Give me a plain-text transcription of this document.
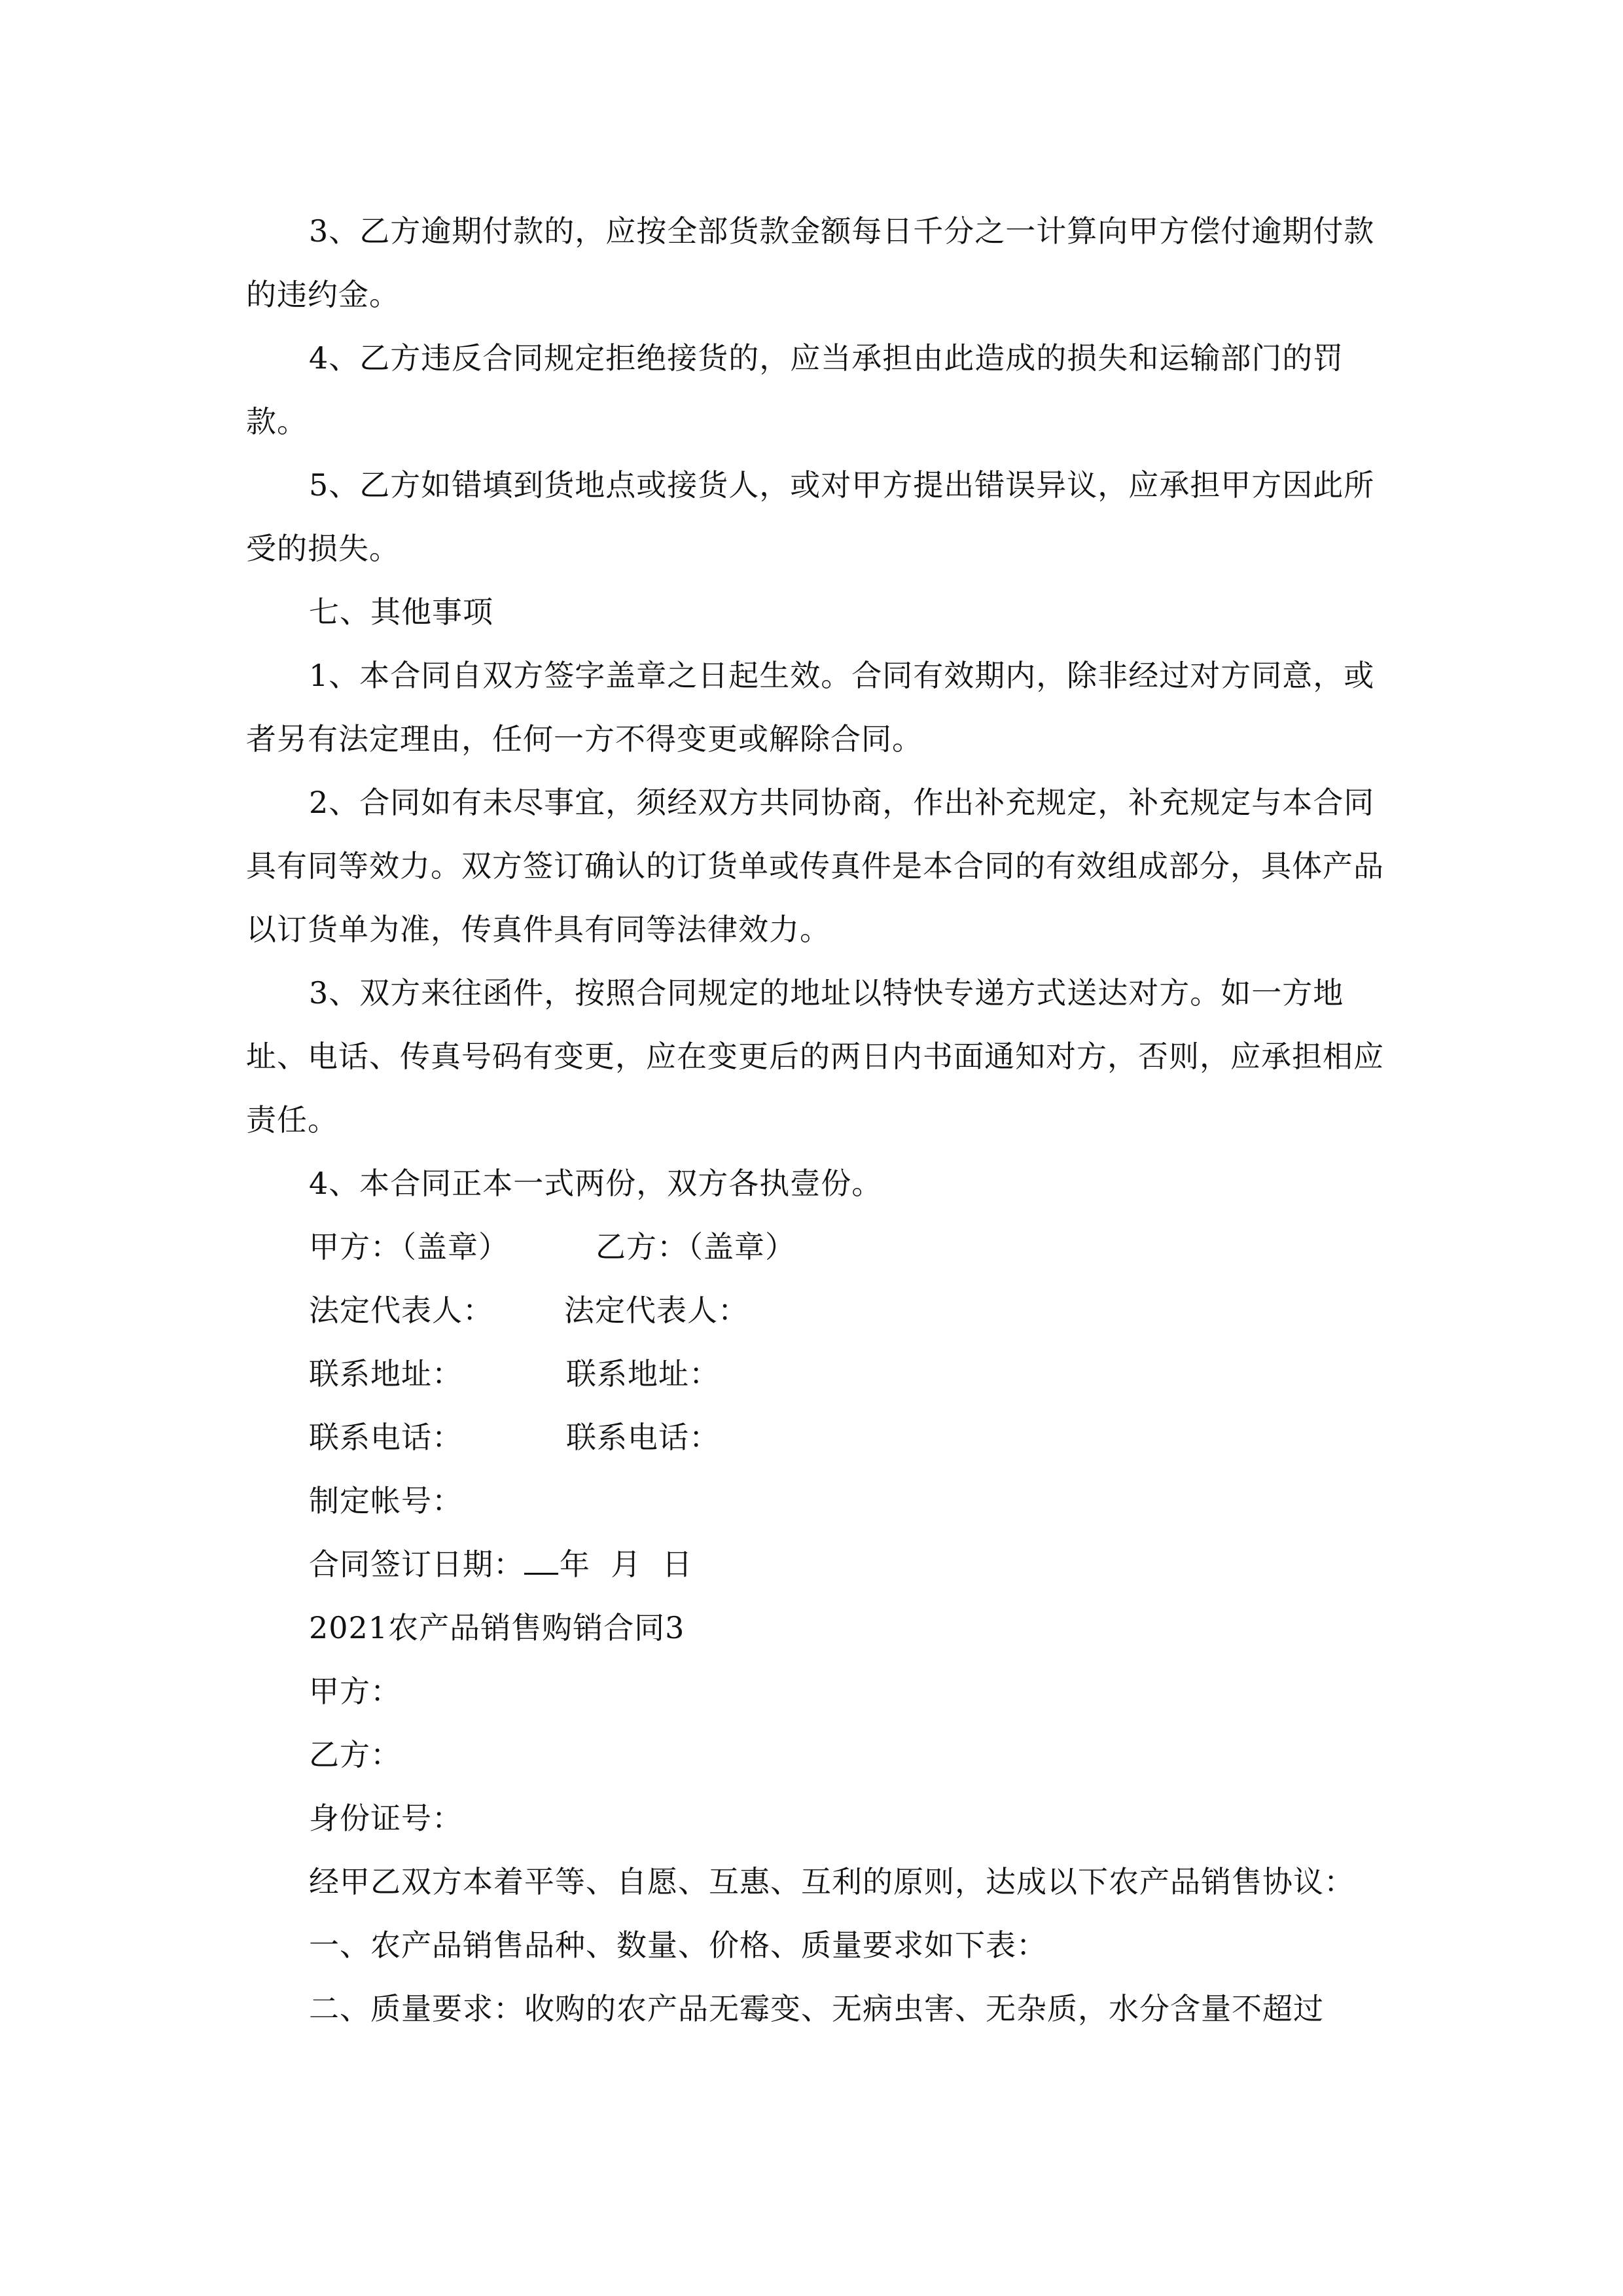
3、乙方逾期付款的，应按全部货款金额每日千分之一计算向甲方偿付逾期付款的违约金。

4、乙方违反合同规定拒绝接货的，应当承担由此造成的损失和运输部门的罚款。

5、乙方如错填到货地点或接货人，或对甲方提出错误异议，应承担甲方因此所受的损失。

七、其他事项

1、本合同自双方签字盖章之日起生效。合同有效期内，除非经过对方同意，或者另有法定理由，任何一方不得变更或解除合同。

2、合同如有未尽事宜，须经双方共同协商，作出补充规定，补充规定与本合同具有同等效力。双方签订确认的订货单或传真件是本合同的有效组成部分，具体产品以订货单为准，传真件具有同等法律效力。

3、双方来往函件，按照合同规定的地址以特快专递方式送达对方。如一方地址、电话、传真号码有变更，应在变更后的两日内书面通知对方，否则，应承担相应责任。

4、本合同正本一式两份，双方各执壹份。

甲方：（盖章）	乙方：（盖章）
法定代表人： 法定代表人：
联系地址：	联系地址：
联系电话：	联系电话：
制定帐号：
合同签订日期： 年  月  日
2021农产品销售购销合同3
甲方：
乙方：
身份证号：
经甲乙双方本着平等、自愿、互惠、互利的原则，达成以下农产品销售协议：
一、农产品销售品种、数量、价格、质量要求如下表：
二、质量要求：收购的农产品无霉变、无病虫害、无杂质，水分含量不超过
